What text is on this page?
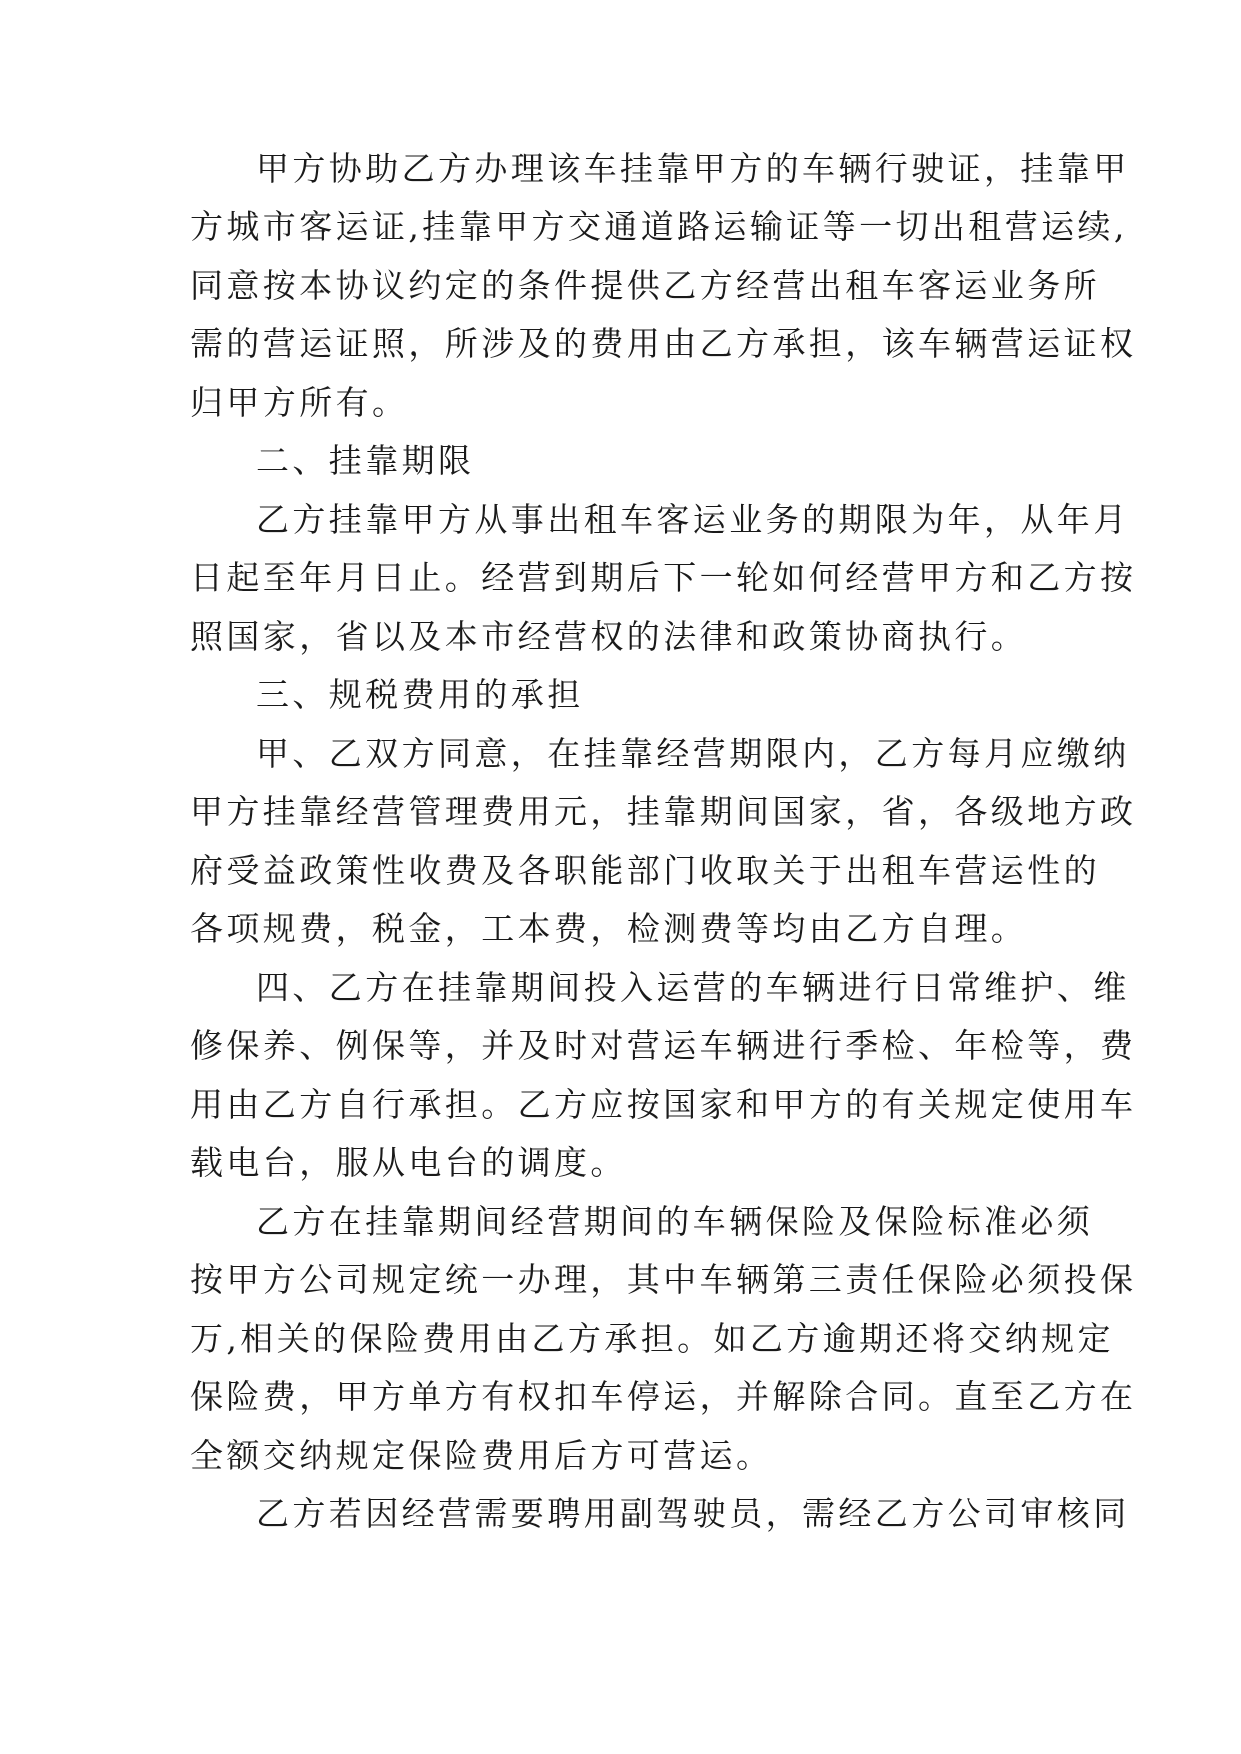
甲方协助乙方办理该车挂靠甲方的车辆行驶证，挂靠甲
方城市客运证,挂靠甲方交通道路运输证等一切出租营运续,
同意按本协议约定的条件提供乙方经营出租车客运业务所
需的营运证照，所涉及的费用由乙方承担，该车辆营运证权
归甲方所有。
二、挂靠期限
乙方挂靠甲方从事出租车客运业务的期限为年，从年月
日起至年月日止。经营到期后下一轮如何经营甲方和乙方按
照国家，省以及本市经营权的法律和政策协商执行。
三、规税费用的承担
甲、乙双方同意，在挂靠经营期限内，乙方每月应缴纳
甲方挂靠经营管理费用元，挂靠期间国家，省，各级地方政
府受益政策性收费及各职能部门收取关于出租车营运性的
各项规费，税金，工本费，检测费等均由乙方自理。
四、乙方在挂靠期间投入运营的车辆进行日常维护、维
修保养、例保等，并及时对营运车辆进行季检、年检等，费
用由乙方自行承担。乙方应按国家和甲方的有关规定使用车
载电台，服从电台的调度。
乙方在挂靠期间经营期间的车辆保险及保险标准必须
按甲方公司规定统一办理，其中车辆第三责任保险必须投保
万,相关的保险费用由乙方承担。如乙方逾期还将交纳规定
保险费，甲方单方有权扣车停运，并解除合同。直至乙方在
全额交纳规定保险费用后方可营运。
乙方若因经营需要聘用副驾驶员，需经乙方公司审核同
